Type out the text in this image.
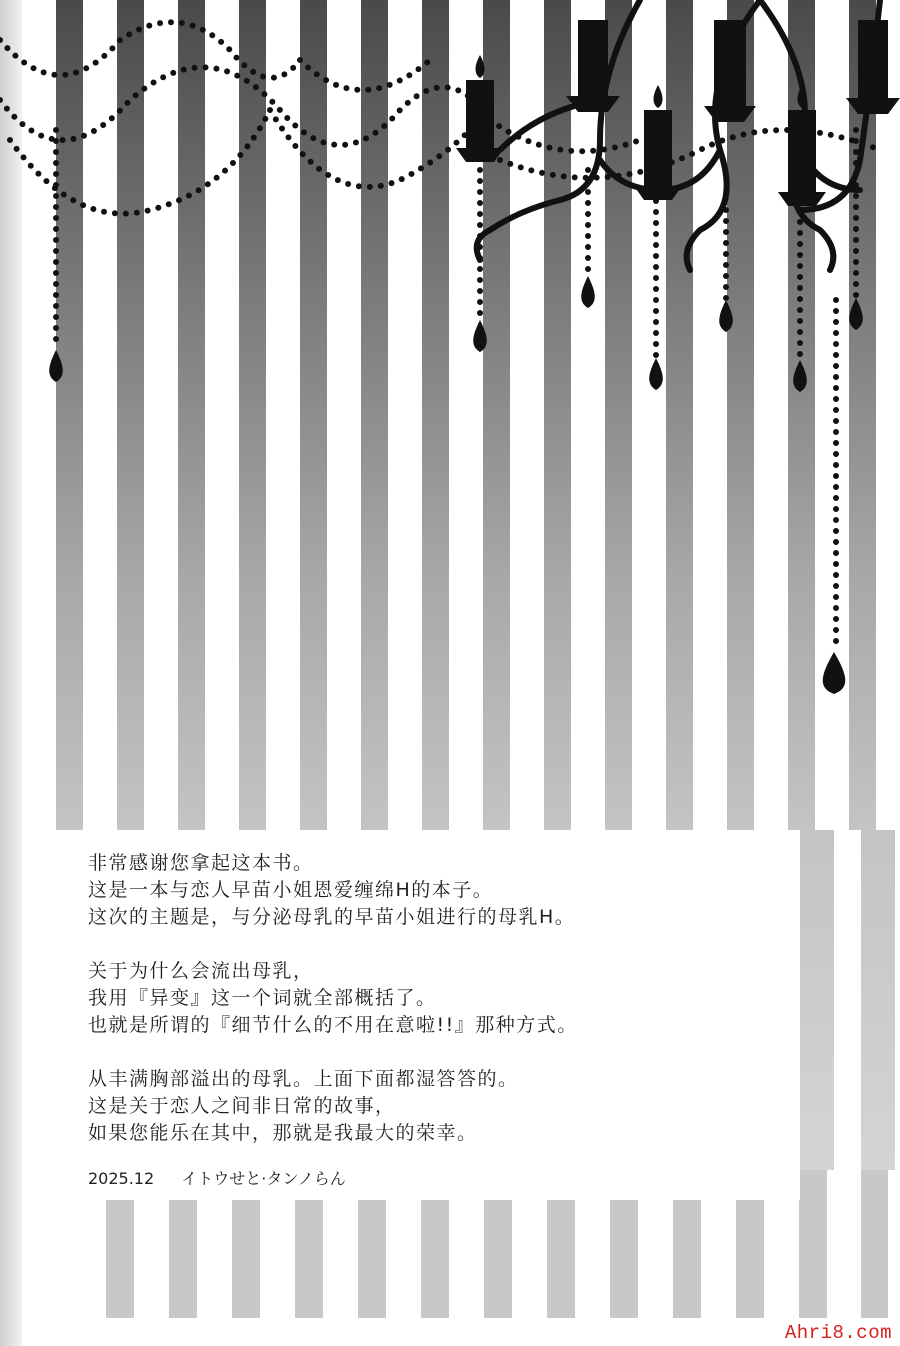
非常感谢您拿起这本书。
这是一本与恋人早苗小姐恩爱缠绵H的本子。
这次的主题是，与分泌母乳的早苗小姐进行的母乳H。
关于为什么会流出母乳，
我用『异变』这一个词就全部概括了。
也就是所谓的『细节什么的不用在意啦!!』那种方式。
从丰满胸部溢出的母乳。上面下面都湿答答的。
这是关于恋人之间非日常的故事，
如果您能乐在其中，那就是我最大的荣幸。
2025.12 イトウせと·タンノらん
Ahri8.com
